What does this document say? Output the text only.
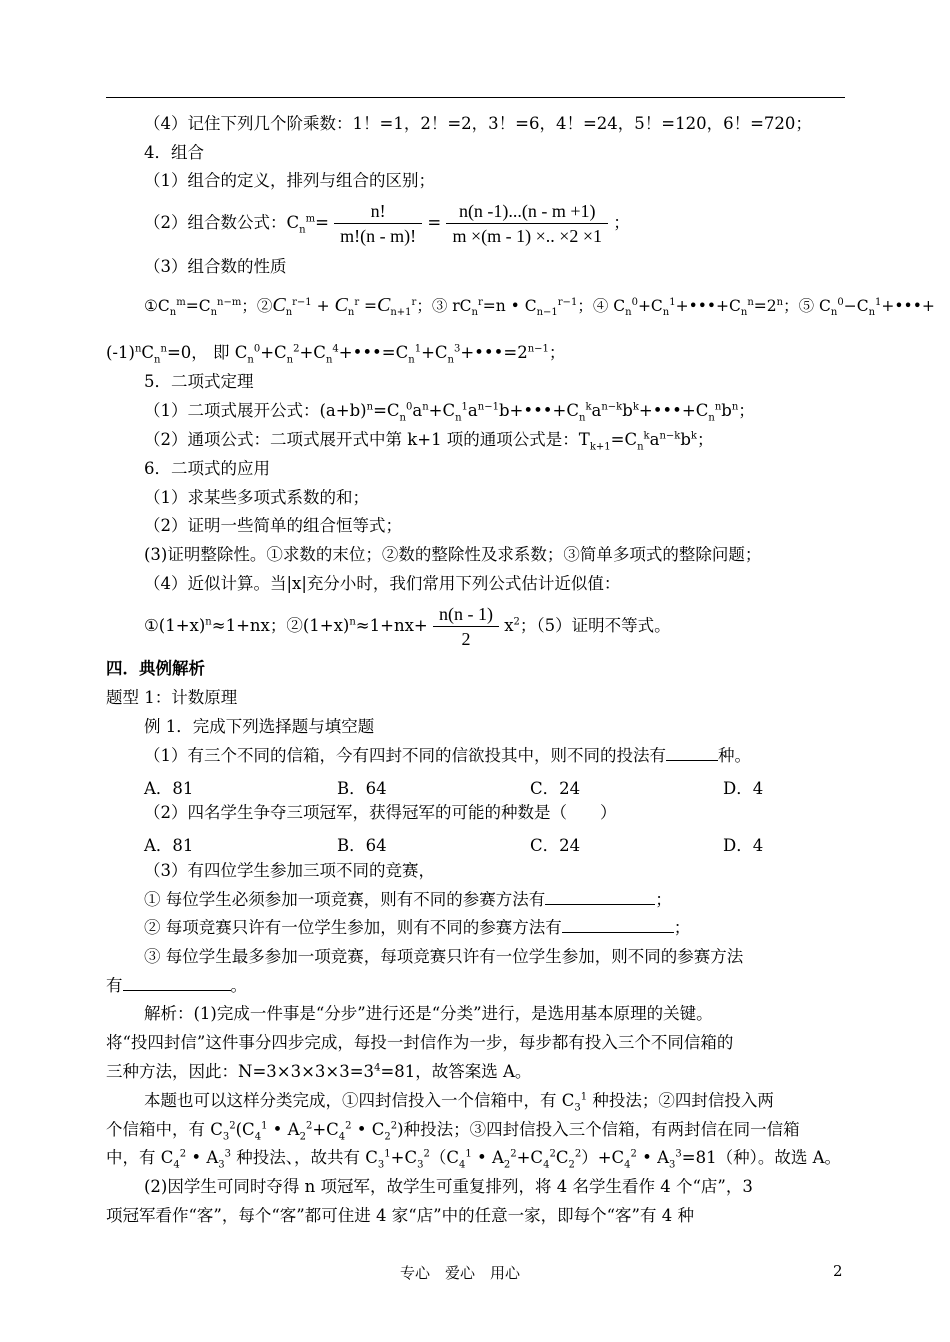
（4）记住下列几个阶乘数：1！=1，2！=2，3！=6，4！=24，5！=120，6！=720；
4．组合
（1）组合的定义，排列与组合的区别；
（2）组合数公式：$C_n^m= \frac{n!}{m!(n - m)!} = \frac{n(n -1)...(n - m +1)}{m \times(m - 1) \times.. \times 2 \times 1}$ ；
（3）组合数的性质
$①C_n^m=C_n^{n-m}$；$②C_n^{r-1} + C_n^r =C_{n+1}^r$；③ $rC_n^r=n$ • $C_{n-1}^{r-1}$；④ $C_n^0+C_n^1+•••+C_n^n=2^n$；⑤ $C_n^0-C_n^1+•••+$
$(-1)^nC_n^n=0$， 即 $C_n^0+C_n^2+C_n^4+•••=C_n^1+C_n^3+•••=2^{n-1}$；
5．二项式定理
（1）二项式展开公式：$(a+b)^n=C_n^0a^n+C_n^1a^{n-1}b+•••+C_n^ka^{n-k}b^k+•••+C_n^nb^n$；
（2）通项公式：二项式展开式中第 k+1 项的通项公式是：$T_{k+1}=C_n^ka^{n-k}b^k$；
6．二项式的应用
（1）求某些多项式系数的和；
（2）证明一些简单的组合恒等式；
(3)证明整除性。①求数的末位；②数的整除性及求系数；③简单多项式的整除问题；
（4）近似计算。当|x|充分小时，我们常用下列公式估计近似值：
$①(1+x)^n\approx 1+nx$；$②(1+x)^n\approx 1+nx+ \frac{n(n - 1)}{2} x^2$；（5）证明不等式。
四．典例解析
题型 1：计数原理
例 1．完成下列选择题与填空题
（1）有三个不同的信箱，今有四封不同的信欲投其中，则不同的投法有	种。
A．81	B．64	C．24	D．4
（2）四名学生争夺三项冠军，获得冠军的可能的种数是（　　）
A．81	B．64	C．24	D．4
（3）有四位学生参加三项不同的竞赛，
① 每位学生必须参加一项竞赛，则有不同的参赛方法有	；
② 每项竞赛只许有一位学生参加，则有不同的参赛方法有	；
③ 每位学生最多参加一项竞赛，每项竞赛只许有一位学生参加，则不同的参赛方法
有	。
解析：(1)完成一件事是“分步”进行还是“分类”进行，是选用基本原理的关键。
将“投四封信”这件事分四步完成，每投一封信作为一步，每步都有投入三个不同信箱的
三种方法，因此：$N=3\times 3\times 3\times 3=3^4=81$，故答案选 A。
本题也可以这样分类完成，①四封信投入一个信箱中，有 $C_3^1$ 种投法；②四封信投入两
个信箱中，有 $C_3^2(C_4^1$ • $A_2^2+C_4^2$ • $C_2^2$)种投法；③四封信投入三个信箱，有两封信在同一信箱
中，有 $C_4^2$ • $A_3^3$ 种投法、，故共有 $C_3^1+C_3^2(C_4^1$ • $A_2^2+C_4^2C_2^2)+C_4^2$ • $A_3^3=81$（种）。故选 A。
(2)因学生可同时夺得 n 项冠军，故学生可重复排列，将 4 名学生看作 4 个“店”，3
项冠军看作“客”，每个“客”都可住进 4 家“店”中的任意一家，即每个“客”有 4 种
专心　爱心　用心	2
